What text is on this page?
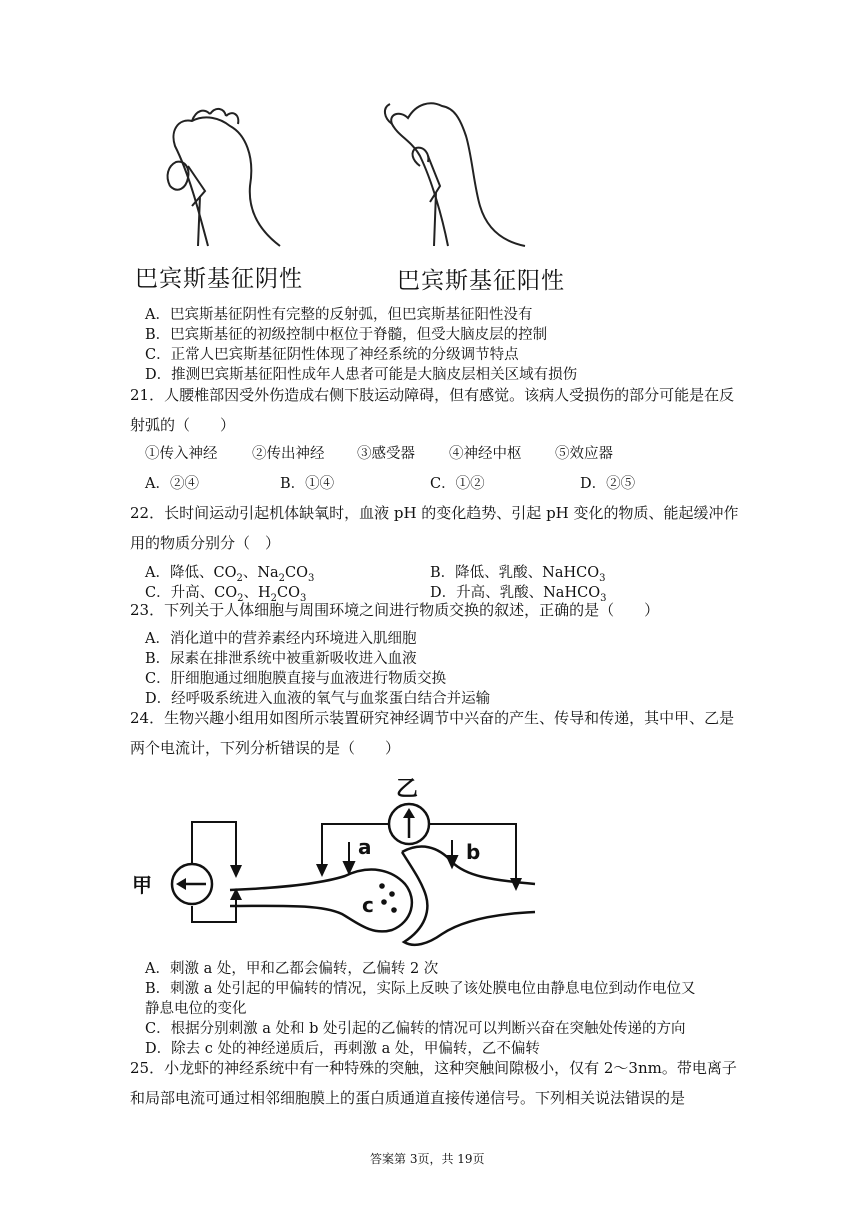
巴宾斯基征阴性	巴宾斯基征阳性
A．巴宾斯基征阴性有完整的反射弧，但巴宾斯基征阳性没有
B．巴宾斯基征的初级控制中枢位于脊髓，但受大脑皮层的控制
C．正常人巴宾斯基征阴性体现了神经系统的分级调节特点
D．推测巴宾斯基征阳性成年人患者可能是大脑皮层相关区域有损伤
21．人腰椎部因受外伤造成右侧下肢运动障碍，但有感觉。该病人受损伤的部分可能是在反
射弧的（　　）
①传入神经 ②传出神经 ③感受器 ④神经中枢 ⑤效应器
A．②④	B．①④	C．①②	D．②⑤
22．长时间运动引起机体缺氧时，血液 pH 的变化趋势、引起 pH 变化的物质、能起缓冲作
用的物质分别分（　）
A．降低、$CO_2$、$Na_2CO_3$	B．降低、乳酸、NaHCO$_3$
C．升高、$CO_2$、$H_2CO_3$	D．升高、乳酸、NaHCO$_3$
23．下列关于人体细胞与周围环境之间进行物质交换的叙述，正确的是（　　）
A．消化道中的营养素经内环境进入肌细胞
B．尿素在排泄系统中被重新吸收进入血液
C．肝细胞通过细胞膜直接与血液进行物质交换
D．经呼吸系统进入血液的氧气与血浆蛋白结合并运输
24．生物兴趣小组用如图所示装置研究神经调节中兴奋的产生、传导和传递，其中甲、乙是
两个电流计，下列分析错误的是（　　）
甲
乙
a	b
c
A．刺激 a 处，甲和乙都会偏转，乙偏转 2 次
B．刺激 a 处引起的甲偏转的情况，实际上反映了该处膜电位由静息电位到动作电位又
静息电位的变化
C．根据分别刺激 a 处和 b 处引起的乙偏转的情况可以判断兴奋在突触处传递的方向
D．除去 c 处的神经递质后，再刺激 a 处，甲偏转，乙不偏转
25．小龙虾的神经系统中有一种特殊的突触，这种突触间隙极小，仅有 2～3nm。带电离子
和局部电流可通过相邻细胞膜上的蛋白质通道直接传递信号。下列相关说法错误的是
答案第 3页，共 19页
